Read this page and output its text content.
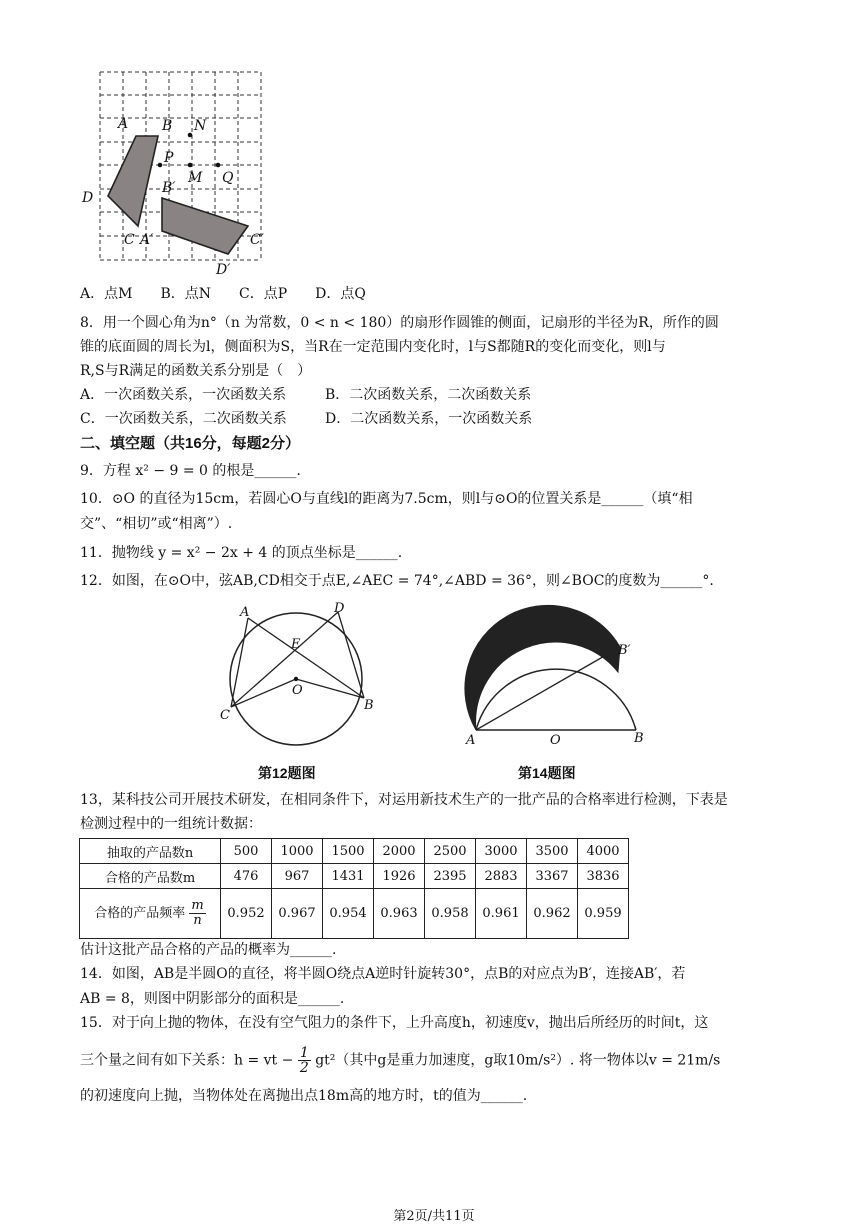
A B N
P
M Q
D
B′
C A′	C′
D′
A．点M　　B．点N　　C．点P　　D．点Q
8．用一个圆心角为n°（n 为常数，0 < n < 180）的扇形作圆锥的侧面，记扇形的半径为R，所作的圆
锥的底面圆的周长为l，侧面积为S，当R在一定范围内变化时，l与S都随R的变化而变化，则l与
R,S与R满足的函数关系分别是（　）
A．一次函数关系，一次函数关系	B．二次函数关系，二次函数关系
C．一次函数关系，二次函数关系	D．二次函数关系，一次函数关系
二、填空题（共16分，每题2分）
9．方程 x² − 9 = 0 的根是______.
10．⊙O 的直径为15cm，若圆心O与直线l的距离为7.5cm，则l与⊙O的位置关系是______（填“相
交”、“相切”或“相离”）.
11．抛物线 y = x² − 2x + 4 的顶点坐标是______.
12．如图，在⊙O中，弦AB,CD相交于点E,∠AEC = 74°,∠ABD = 36°，则∠BOC的度数为______°.
A	D
E
O
C
B
第12题图
B′
A	O	B
第14题图
13，某科技公司开展技术研发，在相同条件下，对运用新技术生产的一批产品的合格率进行检测，下表是
检测过程中的一组统计数据：
抽取的产品数n	500	1000	1500	2000	2500	3000	3500	4000
合格的产品数m	476	967	1431	1926	2395	2883	3367	3836
合格的产品频率 $\frac{m}{n}$	0.952	0.967	0.954	0.963	0.958	0.961	0.962	0.959
估计这批产品合格的产品的概率为______.
14．如图，AB是半圆O的直径，将半圆O绕点A逆时针旋转30°，点B的对应点为B′，连接AB′，若
AB = 8，则图中阴影部分的面积是______.
15．对于向上抛的物体，在没有空气阻力的条件下，上升高度h，初速度v，抛出后所经历的时间t，这
三个量之间有如下关系：h = vt − $\frac{1}{2} gt^2$（其中g是重力加速度，g取10m/s²）. 将一物体以v = 21m/s
的初速度向上抛，当物体处在离抛出点18m高的地方时，t的值为______.
第2页/共11页
